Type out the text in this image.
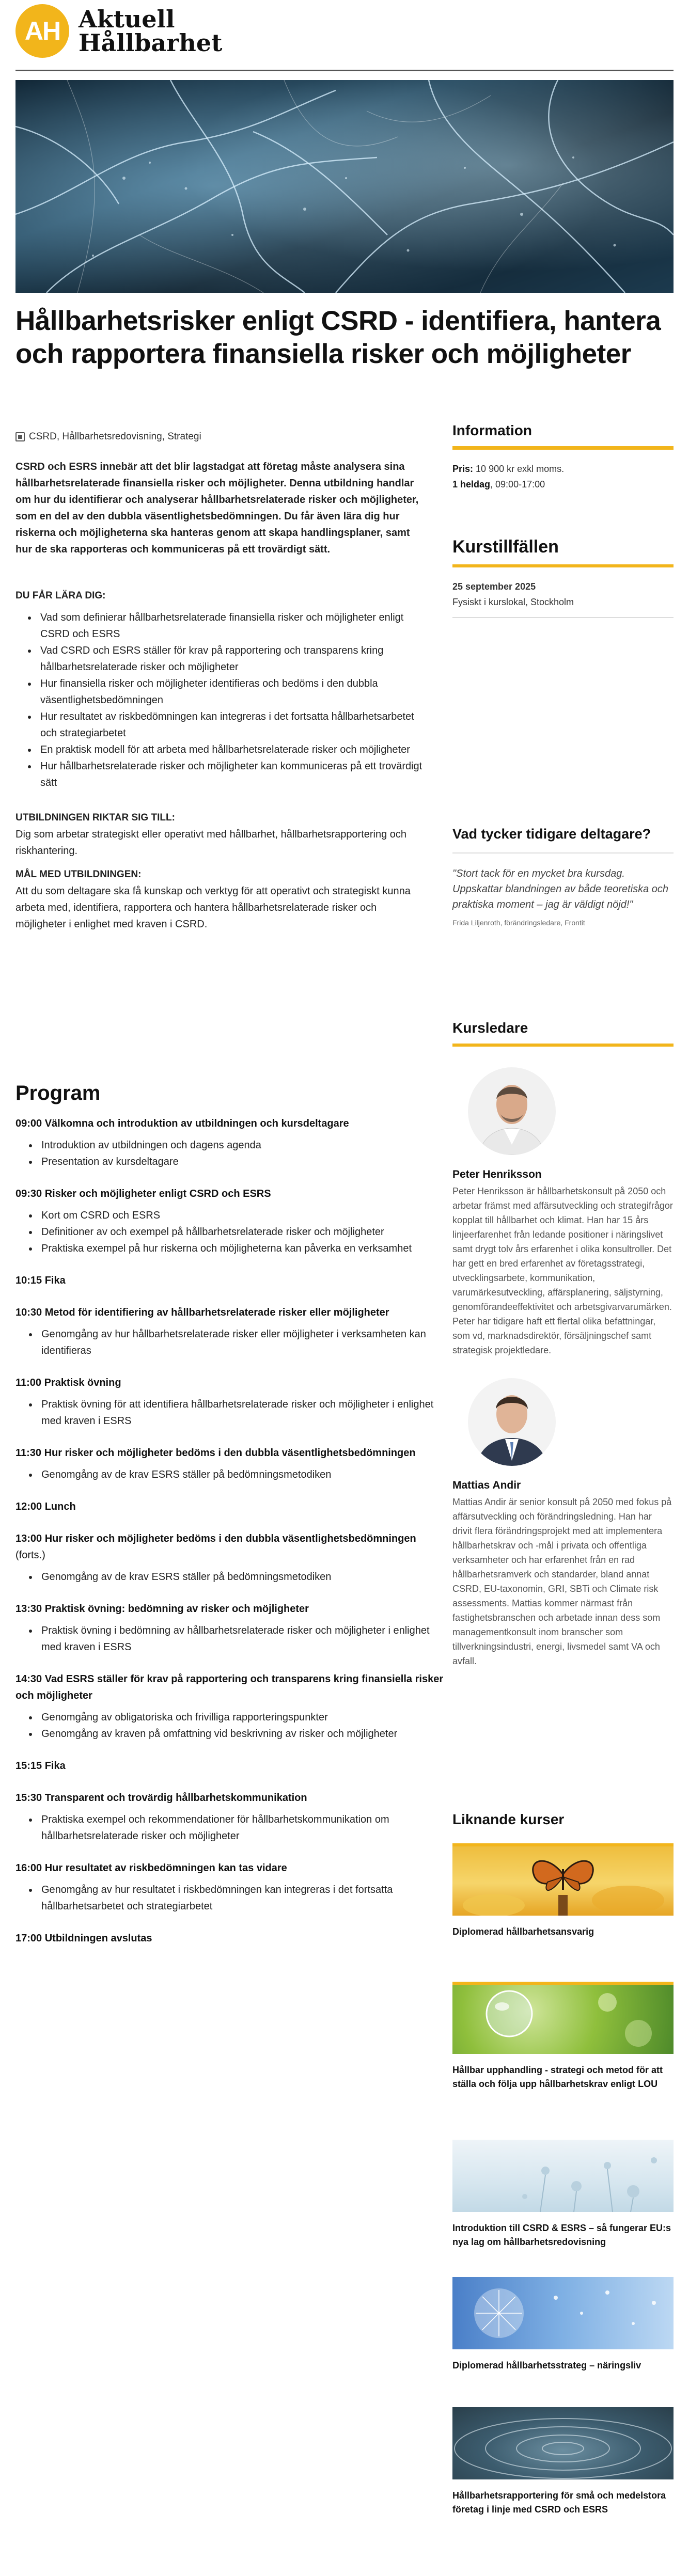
AH Aktuell
Hållbarhet
Hållbarhetsrisker enligt CSRD - identifiera, hantera och rapportera finansiella risker och möjligheter
CSRD, Hållbarhetsredovisning, Strategi

CSRD och ESRS innebär att det blir lagstadgat att företag måste analysera sina hållbarhetsrelaterade finansiella risker och möjligheter. Denna utbildning handlar om hur du identifierar och analyserar hållbarhetsrelaterade risker och möjligheter, som en del av den dubbla väsentlighetsbedömningen. Du får även lära dig hur riskerna och möjligheterna ska hanteras genom att skapa handlingsplaner, samt hur de ska rapporteras och kommuniceras på ett trovärdigt sätt.

DU FÅR LÄRA DIG:

• Vad som definierar hållbarhetsrelaterade finansiella risker och möjligheter enligt CSRD och ESRS
• Vad CSRD och ESRS ställer för krav på rapportering och transparens kring hållbarhetsrelaterade risker och möjligheter
• Hur finansiella risker och möjligheter identifieras och bedöms i den dubbla väsentlighetsbedömningen
• Hur resultatet av riskbedömningen kan integreras i det fortsatta hållbarhetsarbetet och strategiarbetet
• En praktisk modell för att arbeta med hållbarhetsrelaterade risker och möjligheter
• Hur hållbarhetsrelaterade risker och möjligheter kan kommuniceras på ett trovärdigt sätt

UTBILDNINGEN RIKTAR SIG TILL:

Dig som arbetar strategiskt eller operativt med hållbarhet, hållbarhetsrapportering och riskhantering.

MÅL MED UTBILDNINGEN:

Att du som deltagare ska få kunskap och verktyg för att operativt och strategiskt kunna arbeta med, identifiera, rapportera och hantera hållbarhetsrelaterade risker och möjligheter i enlighet med kraven i CSRD.

Program
09:00 Välkomna och introduktion av utbildningen och kursdeltagare
• Introduktion av utbildningen och dagens agenda
• Presentation av kursdeltagare
09:30 Risker och möjligheter enligt CSRD och ESRS
• Kort om CSRD och ESRS
• Definitioner av och exempel på hållbarhetsrelaterade risker och möjligheter
• Praktiska exempel på hur riskerna och möjligheterna kan påverka en verksamhet
10:15 Fika
10:30 Metod för identifiering av hållbarhetsrelaterade risker eller möjligheter
• Genomgång av hur hållbarhetsrelaterade risker eller möjligheter i verksamheten kan identifieras
11:00 Praktisk övning
• Praktisk övning för att identifiera hållbarhetsrelaterade risker och möjligheter i enlighet med kraven i ESRS
11:30 Hur risker och möjligheter bedöms i den dubbla väsentlighetsbedömningen
• Genomgång av de krav ESRS ställer på bedömningsmetodiken
12:00 Lunch
13:00 Hur risker och möjligheter bedöms i den dubbla väsentlighetsbedömningen (forts.)
• Genomgång av de krav ESRS ställer på bedömningsmetodiken
13:30 Praktisk övning: bedömning av risker och möjligheter
• Praktisk övning i bedömning av hållbarhetsrelaterade risker och möjligheter i enlighet med kraven i ESRS
14:30 Vad ESRS ställer för krav på rapportering och transparens kring finansiella risker och möjligheter
• Genomgång av obligatoriska och frivilliga rapporteringspunkter
• Genomgång av kraven på omfattning vid beskrivning av risker och möjligheter
15:15 Fika
15:30 Transparent och trovärdig hållbarhetskommunikation
• Praktiska exempel och rekommendationer för hållbarhetskommunikation om hållbarhetsrelaterade risker och möjligheter
16:00 Hur resultatet av riskbedömningen kan tas vidare
• Genomgång av hur resultatet i riskbedömningen kan integreras i det fortsatta hållbarhetsarbetet och strategiarbetet
17:00 Utbildningen avslutas
Information
Pris: 10 900 kr exkl moms.
1 heldag, 09:00-17:00
Kurstillfällen
25 september 2025
Fysiskt i kurslokal, Stockholm
Vad tycker tidigare deltagare?

"Stort tack för en mycket bra kursdag. Uppskattar blandningen av både teoretiska och praktiska moment – jag är väldigt nöjd!"

Frida Liljenroth, förändringsledare, Frontit

Kursledare
Peter Henriksson

Peter Henriksson är hållbarhetskonsult på 2050 och arbetar främst med affärsutveckling och strategifrågor kopplat till hållbarhet och klimat. Han har 15 års linjeerfarenhet från ledande positioner i näringslivet samt drygt tolv års erfarenhet i olika konsultroller. Det har gett en bred erfarenhet av företagsstrategi, utvecklingsarbete, kommunikation, varumärkesutveckling, affärsplanering, säljstyrning, genomförandeeffektivitet och arbetsgivarvarumärken. Peter har tidigare haft ett flertal olika befattningar, som vd, marknadsdirektör, försäljningschef samt strategisk projektledare.

Mattias Andir

Mattias Andir är senior konsult på 2050 med fokus på affärsutveckling och förändringsledning. Han har drivit flera förändringsprojekt med att implementera hållbarhetskrav och -mål i privata och offentliga verksamheter och har erfarenhet från en rad hållbarhetsramverk och standarder, bland annat CSRD, EU-taxonomin, GRI, SBTi och Climate risk assessments. Mattias kommer närmast från fastighetsbranschen och arbetade innan dess som managementkonsult inom branscher som tillverkningsindustri, energi, livsmedel samt VA och avfall.

Liknande kurser
Diplomerad hållbarhetsansvarig
Hållbar upphandling - strategi och metod för att ställa och följa upp hållbarhetskrav enligt LOU
Introduktion till CSRD & ESRS – så fungerar EU:s nya lag om hållbarhetsredovisning
Diplomerad hållbarhetsstrateg – näringsliv
Hållbarhetsrapportering för små och medelstora företag i linje med CSRD och ESRS
